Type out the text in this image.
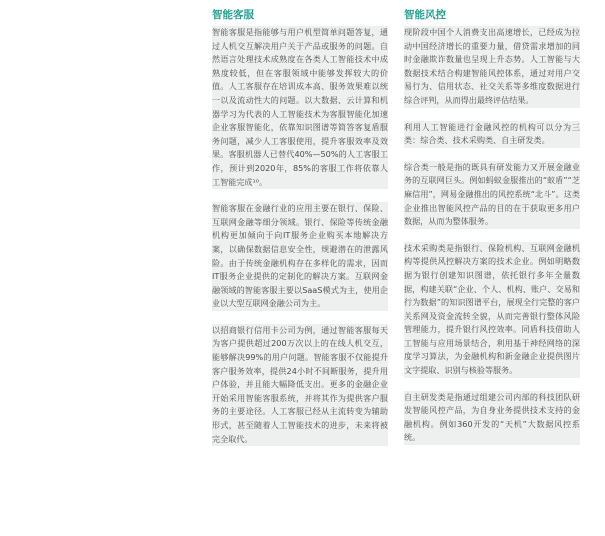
智能客服

智能客服是指能够与用户机型简单问题答复，通过人机交互解决用户关于产品或服务的问题。自然语言处理技术成熟度在各类人工智能技术中成熟度较低，但在客服领域中能够发挥较大的价值。人工客服存在培训成本高、服务效果难以统一以及流动性大的问题。以大数据、云计算和机器学习为代表的人工智能技术为客服智能化加速企业客服智能化，依靠知识图谱等简答客复盾服务问题，减少人工客服使用，提升客服效率及效果。客服机器人已替代40%—50%的人工客服工作，预计到2020年，85%的客服工作将依靠人工智能完成¹⁰。

智能客服在金融行业的应用主要在银行、保险、互联网金融等细分领域。银行、保险等传统金融机构更加倾向于向IT服务企业购买本地解决方案，以确保数据信息安全性，规避潜在的泄露风险。由于传统金融机构存在多样化的需求，因而IT服务企业提供的定制化的解决方案。互联网金融领域的智能客服主要以SaaS模式为主，使用企业以大型互联网金融公司为主。

以招商银行信用卡公司为例，通过智能客服每天为客户提供超过200万次以上的在线人机交互，能够解决99%的用户问题。智能客服不仅能提升客户服务效率，提供24小时不间断服务，提升用户体验，并且能大幅降低支出。更多的金融企业开始采用智能客服系统，并将其作为提供客户服务的主要途径。人工客服已经从主流转变为辅助形式，甚至随着人工智能技术的进步，未来将被完全取代。

智能风控

现阶段中国个人消费支出高速增长，已经成为拉动中国经济增长的重要力量，借贷需求增加的同时金融欺诈数量也呈现上升态势。人工智能与大数据技术结合构建智能风控体系，通过对用户交易行为、信用状态、社交关系等多维度数据进行综合评判，从而得出最终评估结果。

利用人工智能进行金融风控的机构可以分为三类：综合类、技术采购类、自主研发类。

综合类一般是指的既具有研发能力又开展金融业务的互联网巨头。例如蚂蚁金服推出的“蚁盾”“芝麻信用”，网易金融推出的风控系统“北斗”。这类企业推出智能风控产品的目的在于获取更多用户数据，从而为整体服务。

技术采购类是指银行、保险机构、互联网金融机构等提供风控解决方案的技术企业。例如明略数据为银行创建知识图谱，依托银行多年全量数据，构建关联“企业、个人、机构、账户、交易和行为数据”的知识图谱平台，展现全行完整的客户关系网及资金流转全貌，从而完善银行整体风险管理能力，提升银行风控效率。同盾科技借助人工智能与应用场景结合，利用基于神经网络的深度学习算法，为金融机构和新金融企业提供图片文字提取、识别与核验等服务。

自主研发类是指通过组建公司内部的科技团队研发智能风控产品，为自身业务提供技术支持的金融机构。例如360开发的“天机”大数据风控系统。
